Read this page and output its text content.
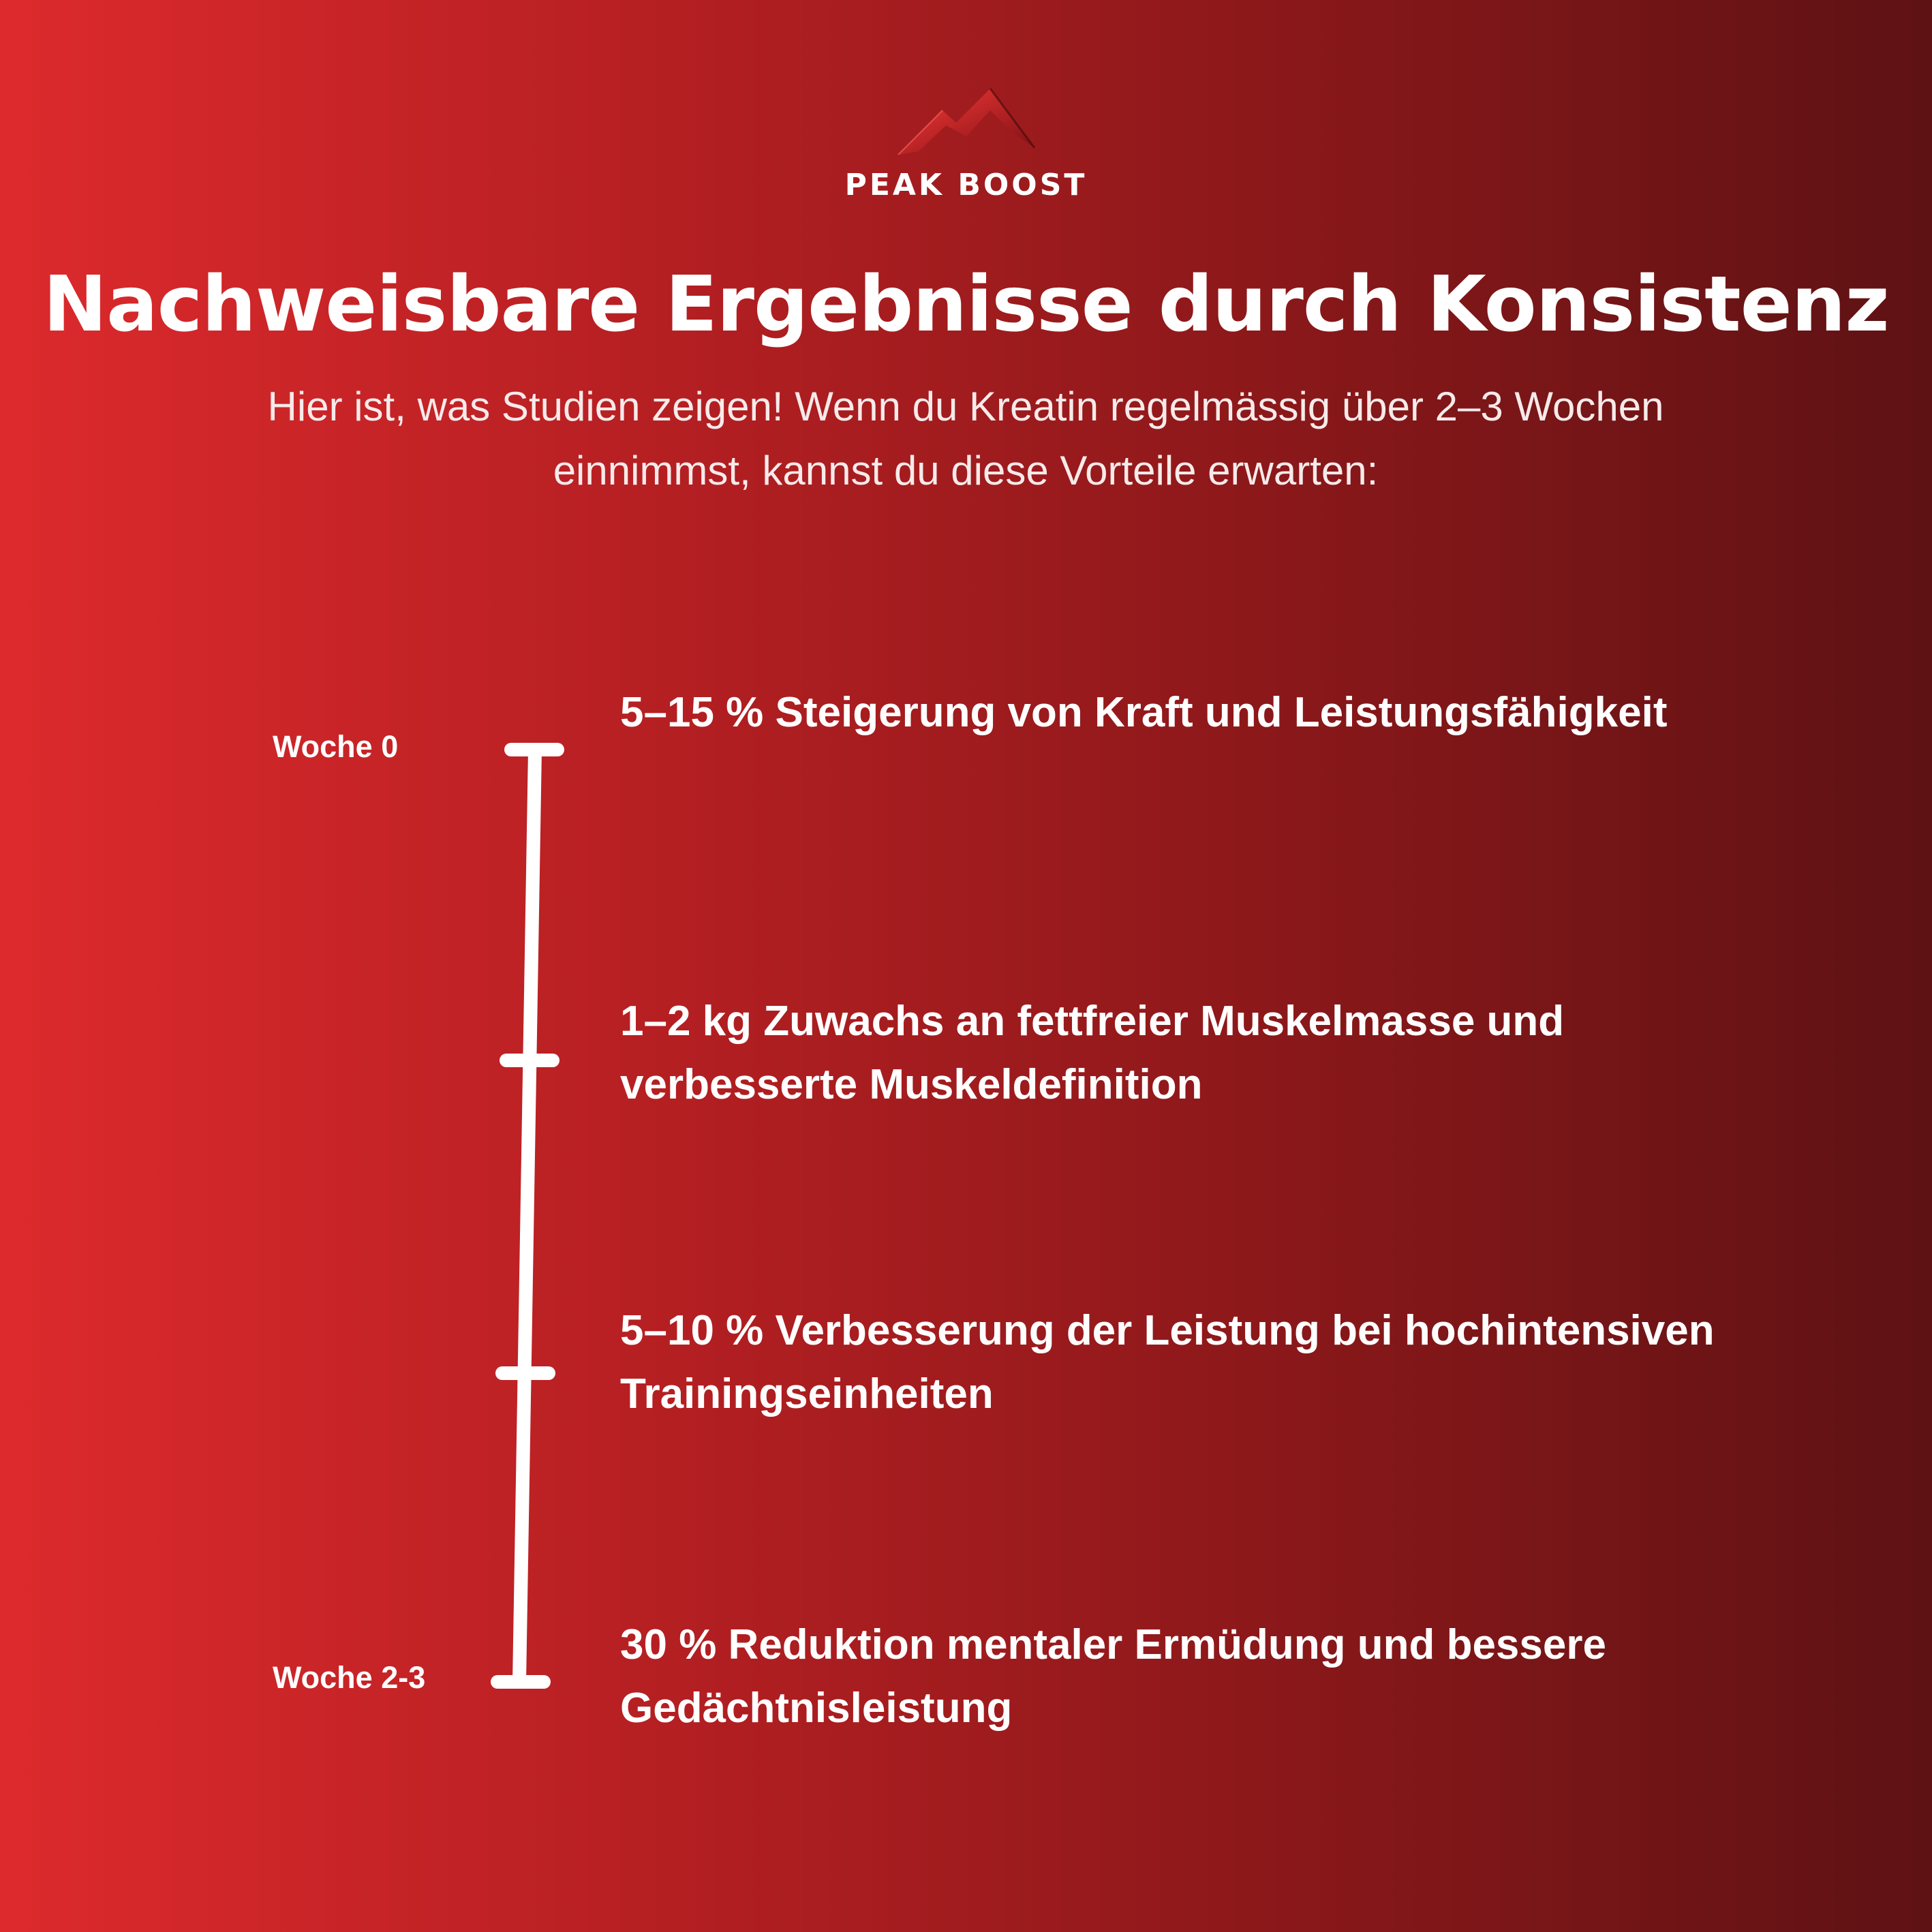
PEAK BOOST
Nachweisbare Ergebnisse durch Konsistenz

Hier ist, was Studien zeigen! Wenn du Kreatin regelmässig über 2–3 Wochen einnimmst, kannst du diese Vorteile erwarten:

Woche 0
Woche 2-3

5–15 % Steigerung von Kraft und Leistungsfähigkeit

1–2 kg Zuwachs an fettfreier Muskelmasse und verbesserte Muskeldefinition

5–10 % Verbesserung der Leistung bei hochintensiven Trainingseinheiten

30 % Reduktion mentaler Ermüdung und bessere Gedächtnisleistung
